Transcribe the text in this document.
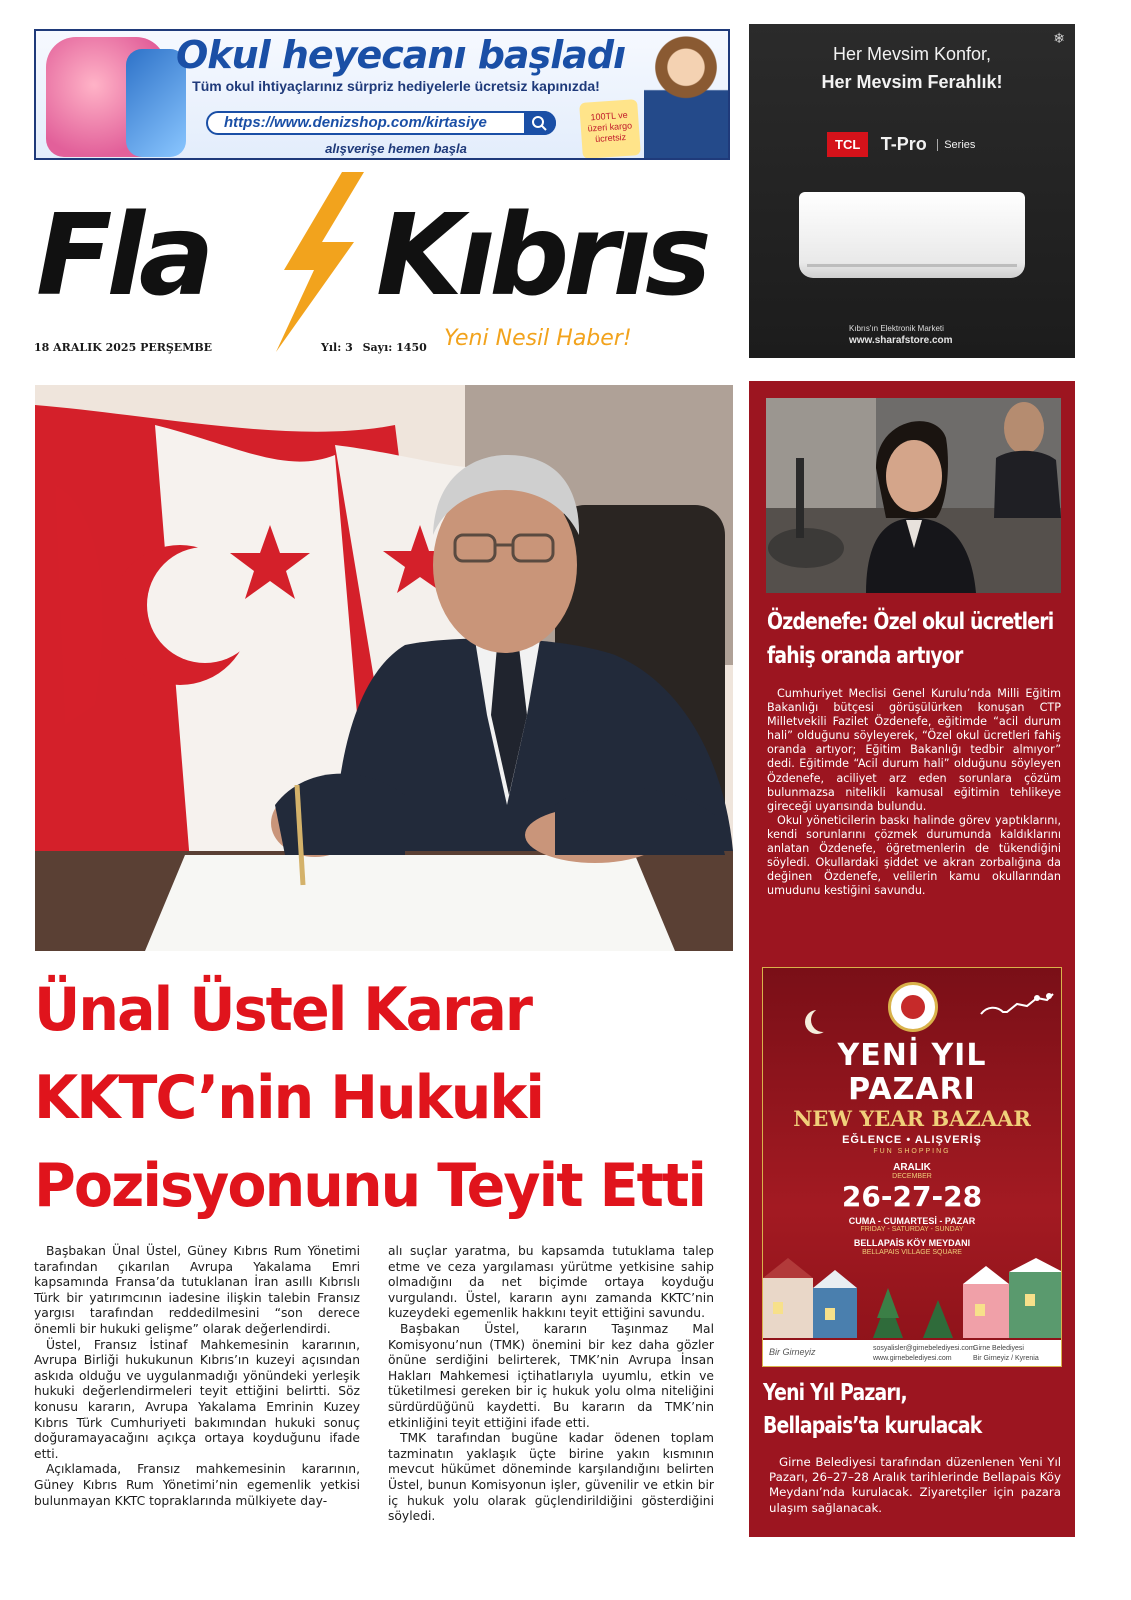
Okul heyecanı başladı
Tüm okul ihtiyaçlarınız sürpriz hediyelerle ücretsiz kapınızda!
https://www.denizshop.com/kirtasiye
alışverişe hemen başla
100TL ve üzeri kargo ücretsiz
❄
Her Mevsim Konfor,
Her Mevsim Ferahlık!
TCL T-Pro Series
Kıbrıs'ın Elektronik Marketi
www.sharafstore.com
Fla Kıbrıs
Yeni Nesil Haber!
18 ARALIK 2025 PERŞEMBE	Yıl: 3 Sayı: 1450
Ünal Üstel Karar
KKTC’nin Hukuki
Pozisyonunu Teyit Etti

Başbakan Ünal Üstel, Güney Kıbrıs Rum Yönetimi tarafından çıkarılan Avrupa Yakalama Emri kapsamında Fransa’da tutuklanan İran asıllı Kıbrıslı Türk bir yatırımcının iadesine ilişkin talebin Fransız yargısı tarafından reddedilmesini “son derece önemli bir hukuki gelişme” olarak değerlendirdi.

Üstel, Fransız İstinaf Mahkemesinin kararının, Avrupa Birliği hukukunun Kıbrıs’ın kuzeyi açısından askıda olduğu ve uygulanmadığı yönündeki yerleşik hukuki değerlendirmeleri teyit ettiğini belirtti. Söz konusu kararın, Avrupa Yakalama Emrinin Kuzey Kıbrıs Türk Cumhuriyeti bakımından hukuki sonuç doğuramayacağını açıkça ortaya koyduğunu ifade etti.

Açıklamada, Fransız mahkemesinin kararının, Güney Kıbrıs Rum Yönetimi’nin egemenlik yetkisi bulunmayan KKTC topraklarında mülkiyete day-

alı suçlar yaratma, bu kapsamda tutuklama talep etme ve ceza yargılaması yürütme yetkisine sahip olmadığını da net biçimde ortaya koyduğu vurgulandı. Üstel, kararın aynı zamanda KKTC’nin kuzeydeki egemenlik hakkını teyit ettiğini savundu.

Başbakan Üstel, kararın Taşınmaz Mal Komisyonu’nun (TMK) önemini bir kez daha gözler önüne serdiğini belirterek, TMK’nin Avrupa İnsan Hakları Mahkemesi içtihatlarıyla uyumlu, etkin ve tüketilmesi gereken bir iç hukuk yolu olma niteliğini sürdürdüğünü kaydetti. Bu kararın da TMK’nin etkinliğini teyit ettiğini ifade etti.

TMK tarafından bugüne kadar ödenen toplam tazminatın yaklaşık üçte birine yakın kısmının mevcut hükümet döneminde karşılandığını belirten Üstel, bunun Komisyonun işler, güvenilir ve etkin bir iç hukuk yolu olarak güçlendirildiğini gösterdiğini söyledi.

Özdenefe: Özel okul ücretleri
fahiş oranda artıyor

Cumhuriyet Meclisi Genel Kurulu’nda Milli Eğitim Bakanlığı bütçesi görüşülürken konuşan CTP Milletvekili Fazilet Özdenefe, eğitimde “acil durum hali” olduğunu söyleyerek, “Özel okul ücretleri fahiş oranda artıyor; Eğitim Bakanlığı tedbir almıyor” dedi. Eğitimde “Acil durum hali” olduğunu söyleyen Özdenefe, aciliyet arz eden sorunlara çözüm bulunmazsa nitelikli kamusal eğitimin tehlikeye gireceği uyarısında bulundu.

Okul yöneticilerin baskı halinde görev yaptıklarını, kendi sorunlarını çözmek durumunda kaldıklarını anlatan Özdenefe, öğretmenlerin de tükendiğini söyledi. Okullardaki şiddet ve akran zorbalığına da değinen Özdenefe, velilerin kamu okullarından umudunu kestiğini savundu.

YENİ YIL
PAZARI
NEW YEAR BAZAAR
EĞLENCE • ALIŞVERİŞ
FUN SHOPPING
ARALIK
DECEMBER
26-27-28
CUMA - CUMARTESİ - PAZAR
FRIDAY - SATURDAY - SUNDAY
BELLAPAİS KÖY MEYDANI
BELLAPAIS VILLAGE SQUARE
Bir Girneyiz	sosyalisler@girnebelediyesi.com
www.girnebelediyesi.com
Girne Belediyesi
Bir Girneyiz / Kyrenia
Yeni Yıl Pazarı,
Bellapais’ta kurulacak

Girne Belediyesi tarafından düzenlenen Yeni Yıl Pazarı, 26–27–28 Aralık tarihlerinde Bellapais Köy Meydanı’nda kurulacak. Ziyaretçiler için pazara ulaşım sağlanacak.
